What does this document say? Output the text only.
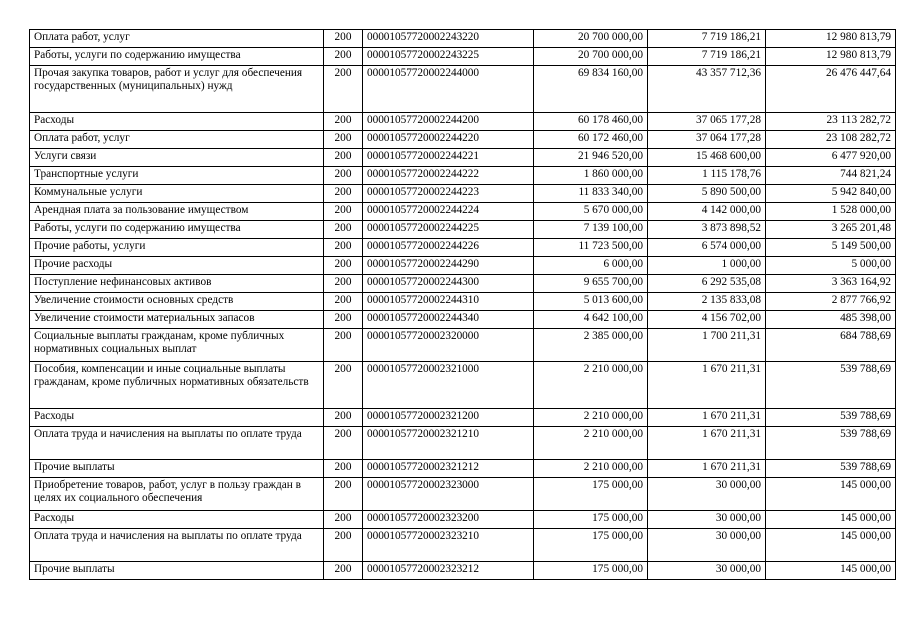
Оплата работ, услуг	200	00001057720002243220	20 700 000,00	7 719 186,21	12 980 813,79
Работы, услуги по содержанию имущества	200	00001057720002243225	20 700 000,00	7 719 186,21	12 980 813,79
Прочая закупка товаров, работ и услуг для обеспечения государственных (муниципальных) нужд	200	00001057720002244000	69 834 160,00	43 357 712,36	26 476 447,64
Расходы	200	00001057720002244200	60 178 460,00	37 065 177,28	23 113 282,72
Оплата работ, услуг	200	00001057720002244220	60 172 460,00	37 064 177,28	23 108 282,72
Услуги связи	200	00001057720002244221	21 946 520,00	15 468 600,00	6 477 920,00
Транспортные услуги	200	00001057720002244222	1 860 000,00	1 115 178,76	744 821,24
Коммунальные услуги	200	00001057720002244223	11 833 340,00	5 890 500,00	5 942 840,00
Арендная плата за пользование имуществом	200	00001057720002244224	5 670 000,00	4 142 000,00	1 528 000,00
Работы, услуги по содержанию имущества	200	00001057720002244225	7 139 100,00	3 873 898,52	3 265 201,48
Прочие работы, услуги	200	00001057720002244226	11 723 500,00	6 574 000,00	5 149 500,00
Прочие расходы	200	00001057720002244290	6 000,00	1 000,00	5 000,00
Поступление нефинансовых активов	200	00001057720002244300	9 655 700,00	6 292 535,08	3 363 164,92
Увеличение стоимости основных средств	200	00001057720002244310	5 013 600,00	2 135 833,08	2 877 766,92
Увеличение стоимости материальных запасов	200	00001057720002244340	4 642 100,00	4 156 702,00	485 398,00
Социальные выплаты гражданам, кроме публичных нормативных социальных выплат	200	00001057720002320000	2 385 000,00	1 700 211,31	684 788,69
Пособия, компенсации и иные социальные выплаты гражданам, кроме публичных нормативных обязательств	200	00001057720002321000	2 210 000,00	1 670 211,31	539 788,69
Расходы	200	00001057720002321200	2 210 000,00	1 670 211,31	539 788,69
Оплата труда и начисления на выплаты по оплате труда	200	00001057720002321210	2 210 000,00	1 670 211,31	539 788,69
Прочие выплаты	200	00001057720002321212	2 210 000,00	1 670 211,31	539 788,69
Приобретение товаров, работ, услуг в пользу граждан в целях их социального обеспечения	200	00001057720002323000	175 000,00	30 000,00	145 000,00
Расходы	200	00001057720002323200	175 000,00	30 000,00	145 000,00
Оплата труда и начисления на выплаты по оплате труда	200	00001057720002323210	175 000,00	30 000,00	145 000,00
Прочие выплаты	200	00001057720002323212	175 000,00	30 000,00	145 000,00
